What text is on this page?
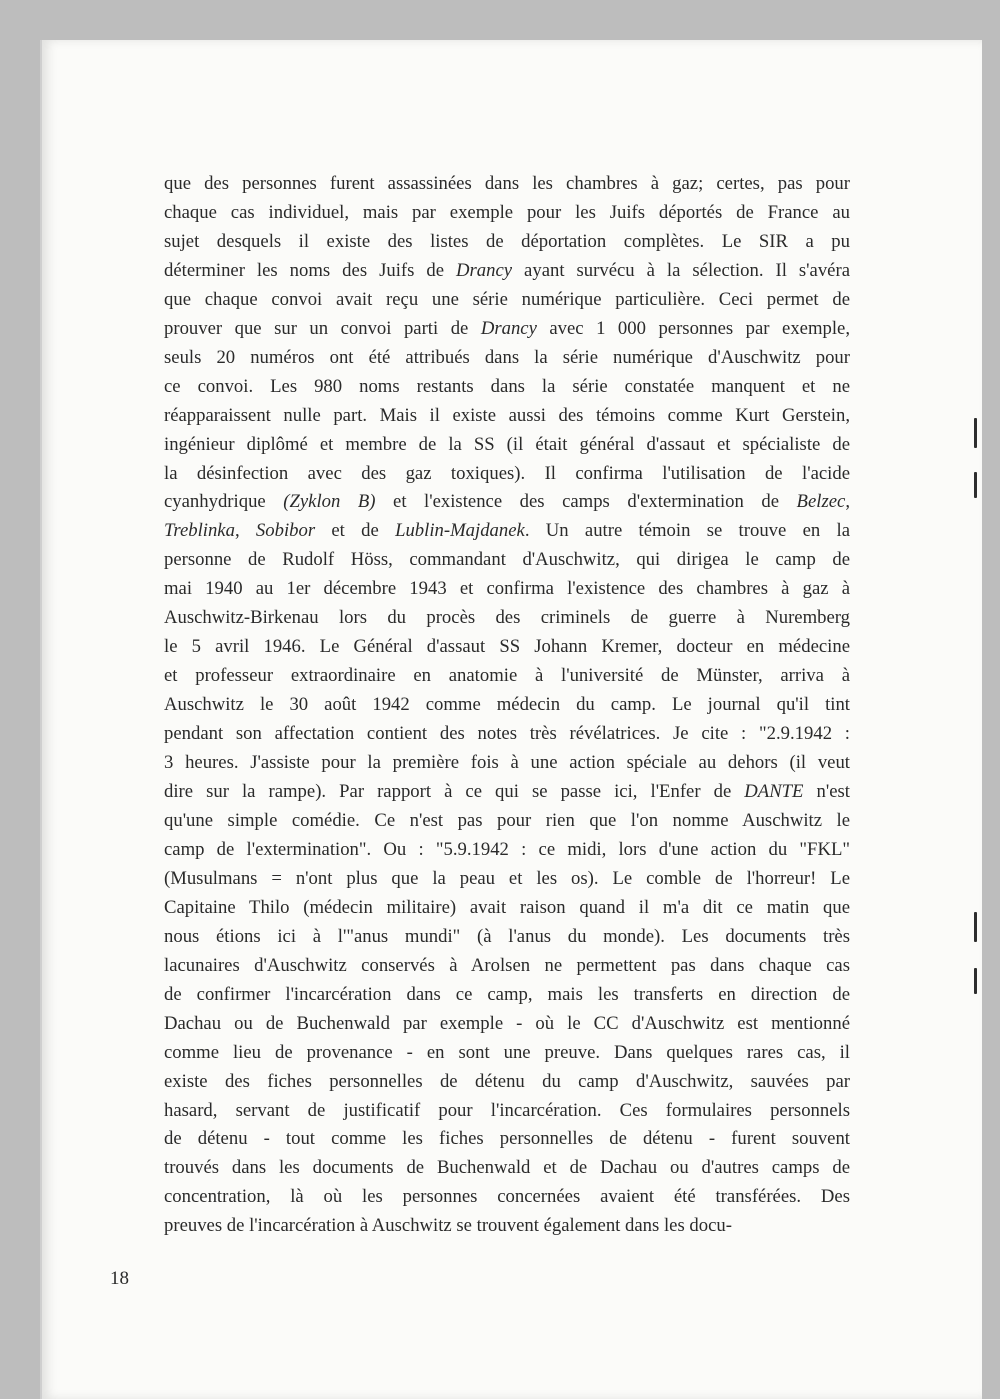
que des personnes furent assassinées dans les chambres à gaz; certes, pas pour
chaque cas individuel, mais par exemple pour les Juifs déportés de France au
sujet desquels il existe des listes de déportation complètes. Le SIR a pu
déterminer les noms des Juifs de Drancy ayant survécu à la sélection. Il s'avéra
que chaque convoi avait reçu une série numérique particulière. Ceci permet de
prouver que sur un convoi parti de Drancy avec 1 000 personnes par exemple,
seuls 20 numéros ont été attribués dans la série numérique d'Auschwitz pour
ce convoi. Les 980 noms restants dans la série constatée manquent et ne
réapparaissent nulle part. Mais il existe aussi des témoins comme Kurt Gerstein,
ingénieur diplômé et membre de la SS (il était général d'assaut et spécialiste de
la désinfection avec des gaz toxiques). Il confirma l'utilisation de l'acide
cyanhydrique (Zyklon B) et l'existence des camps d'extermination de Belzec,
Treblinka, Sobibor et de Lublin-Majdanek. Un autre témoin se trouve en la
personne de Rudolf Höss, commandant d'Auschwitz, qui dirigea le camp de
mai 1940 au 1er décembre 1943 et confirma l'existence des chambres à gaz à
Auschwitz-Birkenau lors du procès des criminels de guerre à Nuremberg
le 5 avril 1946. Le Général d'assaut SS Johann Kremer, docteur en médecine
et professeur extraordinaire en anatomie à l'université de Münster, arriva à
Auschwitz le 30 août 1942 comme médecin du camp. Le journal qu'il tint
pendant son affectation contient des notes très révélatrices. Je cite : "2.9.1942 :
3 heures. J'assiste pour la première fois à une action spéciale au dehors (il veut
dire sur la rampe). Par rapport à ce qui se passe ici, l'Enfer de DANTE n'est
qu'une simple comédie. Ce n'est pas pour rien que l'on nomme Auschwitz le
camp de l'extermination". Ou : "5.9.1942 : ce midi, lors d'une action du "FKL"
(Musulmans = n'ont plus que la peau et les os). Le comble de l'horreur! Le
Capitaine Thilo (médecin militaire) avait raison quand il m'a dit ce matin que
nous étions ici à l'"anus mundi" (à l'anus du monde). Les documents très
lacunaires d'Auschwitz conservés à Arolsen ne permettent pas dans chaque cas
de confirmer l'incarcération dans ce camp, mais les transferts en direction de
Dachau ou de Buchenwald par exemple - où le CC d'Auschwitz est mentionné
comme lieu de provenance - en sont une preuve. Dans quelques rares cas, il
existe des fiches personnelles de détenu du camp d'Auschwitz, sauvées par
hasard, servant de justificatif pour l'incarcération. Ces formulaires personnels
de détenu - tout comme les fiches personnelles de détenu - furent souvent
trouvés dans les documents de Buchenwald et de Dachau ou d'autres camps de
concentration, là où les personnes concernées avaient été transférées. Des
preuves de l'incarcération à Auschwitz se trouvent également dans les docu-
18
